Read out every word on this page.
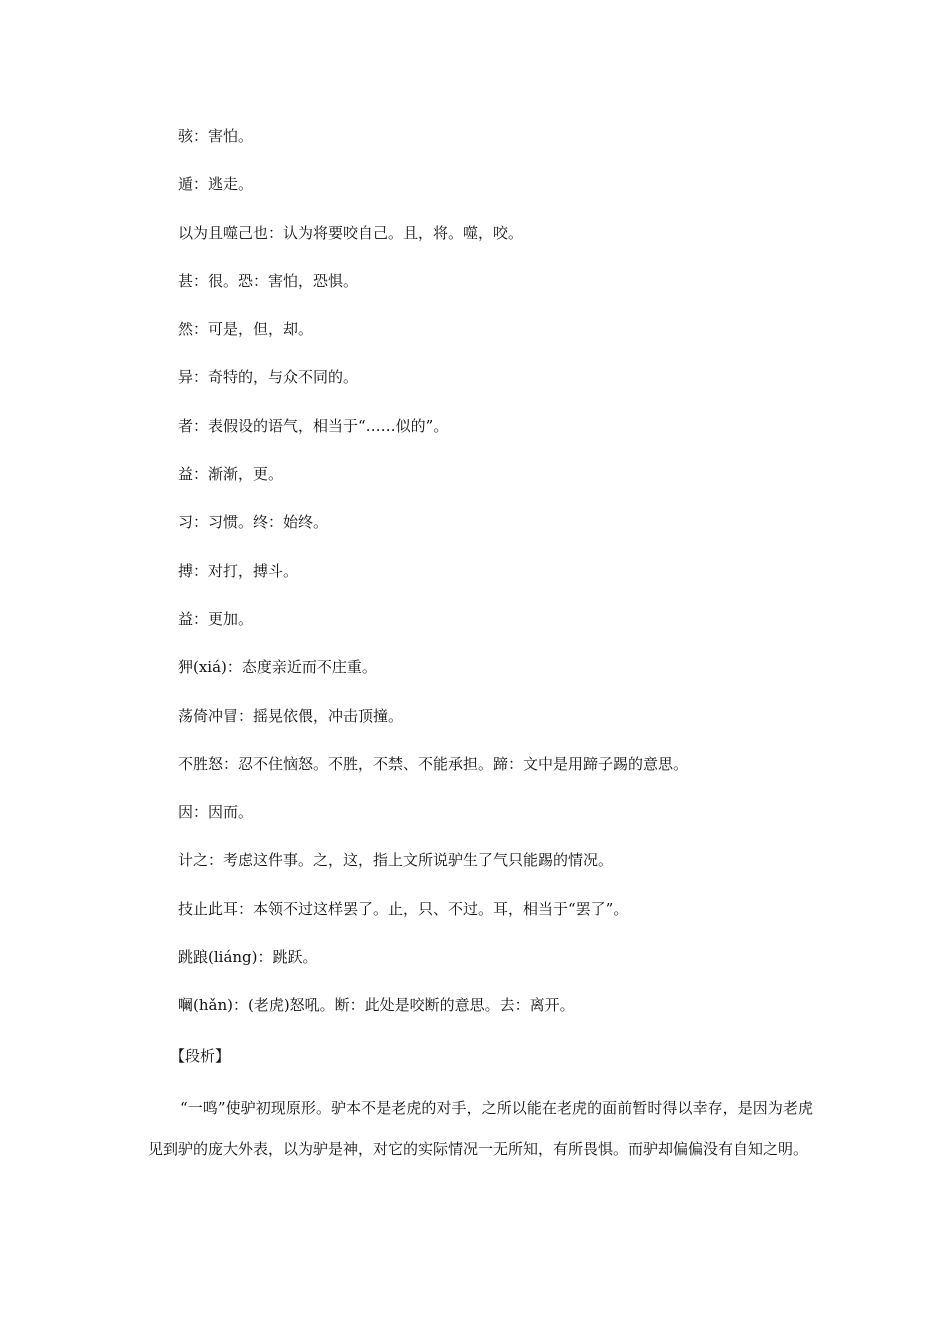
骇：害怕。
遁：逃走。
以为且噬己也：认为将要咬自己。且，将。噬，咬。
甚：很。恐：害怕，恐惧。
然：可是，但，却。
异：奇特的，与众不同的。
者：表假设的语气，相当于“……似的”。
益：渐渐，更。
习：习惯。终：始终。
搏：对打，搏斗。
益：更加。
狎(xiá)：态度亲近而不庄重。
荡倚冲冒：摇晃依偎，冲击顶撞。
不胜怒：忍不住恼怒。不胜，不禁、不能承担。蹄：文中是用蹄子踢的意思。
因：因而。
计之：考虑这件事。之，这，指上文所说驴生了气只能踢的情况。
技止此耳：本领不过这样罢了。止，只、不过。耳，相当于“罢了”。
跳踉(liáng)：跳跃。
㘎(hǎn)：(老虎)怒吼。断：此处是咬断的意思。去：离开。
【段析】

“一鸣”使驴初现原形。驴本不是老虎的对手，之所以能在老虎的面前暂时得以幸存，是因为老虎见到驴的庞大外表，以为驴是神，对它的实际情况一无所知，有所畏惧。而驴却偏偏没有自知之明。
